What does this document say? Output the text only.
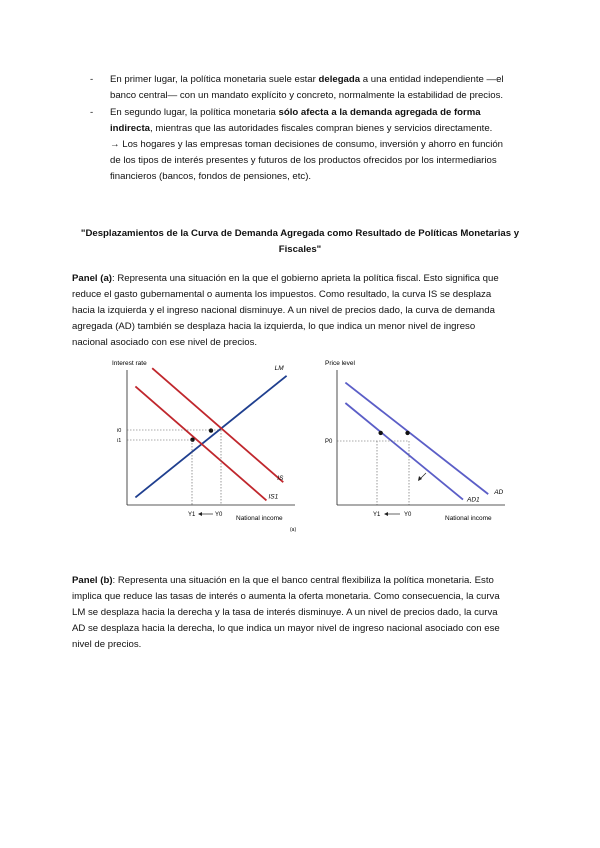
- En primer lugar, la política monetaria suele estar delegada a una entidad independiente —el
banco central— con un mandato explícito y concreto, normalmente la estabilidad de precios.
- En segundo lugar, la política monetaria sólo afecta a la demanda agregada de forma
indirecta, mientras que las autoridades fiscales compran bienes y servicios directamente.
→ Los hogares y las empresas toman decisiones de consumo, inversión y ahorro en función
de los tipos de interés presentes y futuros de los productos ofrecidos por los intermediarios
financieros (bancos, fondos de pensiones, etc).
"Desplazamientos de la Curva de Demanda Agregada como Resultado de Políticas Monetarias y
Fiscales"
Panel (a): Representa una situación en la que el gobierno aprieta la política fiscal. Esto significa que
reduce el gasto gubernamental o aumenta los impuestos. Como resultado, la curva IS se desplaza
hacia la izquierda y el ingreso nacional disminuye. A un nivel de precios dado, la curva de demanda
agregada (AD) también se desplaza hacia la izquierda, lo que indica un menor nivel de ingreso
nacional asociado con ese nivel de precios.
Interest rate
LM
IS
IS1
i0
i1
Y1	Y0 National income
(a)
Price level
AD
AD1
P0
Y1	Y0	National income
Panel (b): Representa una situación en la que el banco central flexibiliza la política monetaria. Esto
implica que reduce las tasas de interés o aumenta la oferta monetaria. Como consecuencia, la curva
LM se desplaza hacia la derecha y la tasa de interés disminuye. A un nivel de precios dado, la curva
AD se desplaza hacia la derecha, lo que indica un mayor nivel de ingreso nacional asociado con ese
nivel de precios.
